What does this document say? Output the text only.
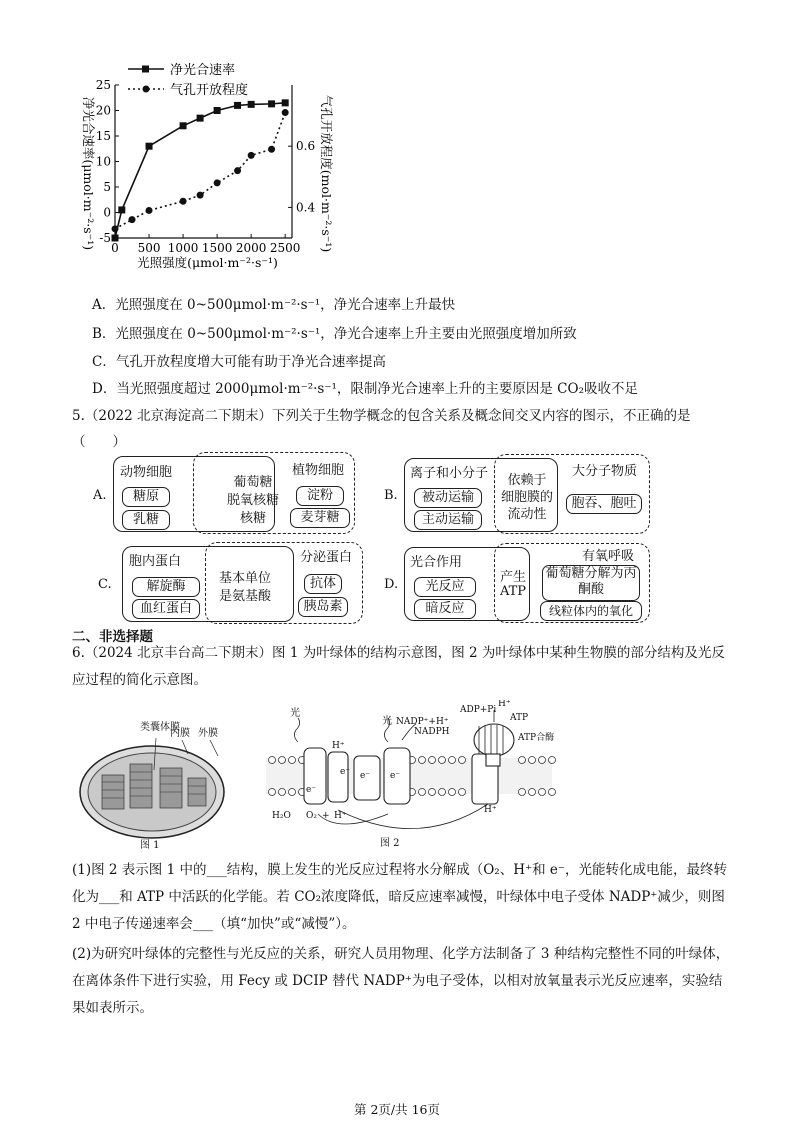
0 500 1000 1500 2000 2500
-5
0
5
10
15
20
25
0.4
0.6
光照强度(μmol·m⁻²·s⁻¹)
净光合速率(μmol·m⁻²·s⁻¹)	气孔开放程度(mol·m⁻²·s⁻¹)
净光合速率
气孔开放程度
A．光照强度在 0~500μmol·m⁻²·s⁻¹，净光合速率上升最快
B．光照强度在 0~500μmol·m⁻²·s⁻¹，净光合速率上升主要由光照强度增加所致
C．气孔开放程度增大可能有助于净光合速率提高
D．当光照强度超过 2000μmol·m⁻²·s⁻¹，限制净光合速率上升的主要原因是 CO₂吸收不足
5.（2022 北京海淀高二下期末）下列关于生物学概念的包含关系及概念间交叉内容的图示，不正确的是
（　　）
A.
动物细胞
糖原
乳糖
葡萄糖
脱氧核糖
核糖
植物细胞
淀粉
麦芽糖
B.
离子和小分子
被动运输
主动运输
依赖于
细胞膜的
流动性
大分子物质
胞吞、胞吐
C.
胞内蛋白
解旋酶
血红蛋白
基本单位
是氨基酸
分泌蛋白
抗体
胰岛素
D.
光合作用
光反应
暗反应
产生
ATP
有氧呼吸
葡萄糖分解为丙酮酸
线粒体内的氧化
二、非选择题
6.（2024 北京丰台高二下期末）图 1 为叶绿体的结构示意图，图 2 为叶绿体中某种生物膜的部分结构及光反应过程的简化示意图。
类囊体膜
内膜 外膜
图 1
光
光
H⁺
NADP⁺+H⁺
NADPH
ADP+Pi
ATP
H⁺
ATP合酶
e⁻ e⁻
e⁻
e⁻
H₂O O₂ + H⁺
H⁺
图 2
(1)图 2 表示图 1 中的___结构，膜上发生的光反应过程将水分解成（O₂、H⁺和 e⁻，光能转化成电能，最终转化为___和 ATP 中活跃的化学能。若 CO₂浓度降低，暗反应速率减慢，叶绿体中电子受体 NADP⁺减少，则图 2 中电子传递速率会___（填“加快”或“减慢”）。
(2)为研究叶绿体的完整性与光反应的关系，研究人员用物理、化学方法制备了 3 种结构完整性不同的叶绿体，在离体条件下进行实验，用 Fecy 或 DCIP 替代 NADP⁺为电子受体，以相对放氧量表示光反应速率，实验结果如表所示。
第 2页/共 16页
